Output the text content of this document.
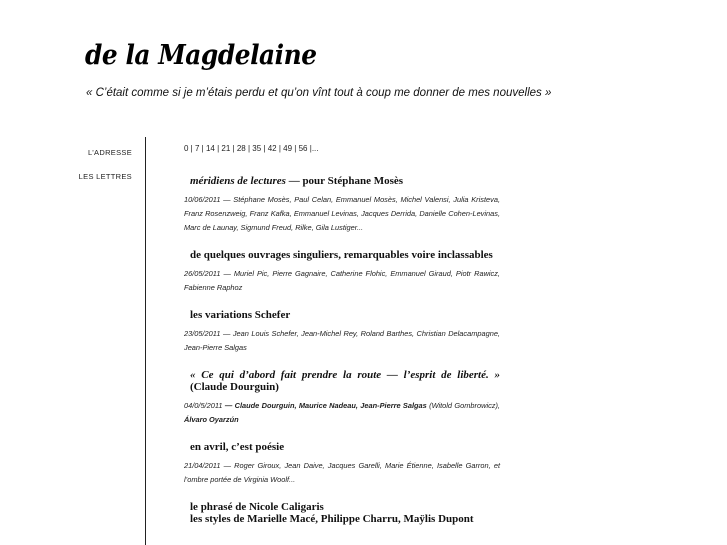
de la Magdelaine
« C’était comme si je m’étais perdu et qu’on vînt tout à coup me donner de mes nouvelles »
L’ADRESSE
LES LETTRES
0 | 7 | 14 | 21 | 28 | 35 | 42 | 49 | 56 |...
méridiens de lectures — pour Stéphane Mosès

10/06/2011 — Stéphane Mosès, Paul Celan, Emmanuel Mosès, Michel Valensi, Julia Kristeva, Franz Rosenzweig, Franz Kafka, Emmanuel Levinas, Jacques Derrida, Danielle Cohen-Levinas, Marc de Launay, Sigmund Freud, Rilke, Gila Lustiger...

de quelques ouvrages singuliers, remarquables voire inclassables

26/05/2011 — Muriel Pic, Pierre Gagnaire, Catherine Flohic, Emmanuel Giraud, Piotr Rawicz, Fabienne Raphoz

les variations Schefer

23/05/2011 — Jean Louis Schefer, Jean-Michel Rey, Roland Barthes, Christian Delacampagne, Jean-Pierre Salgas

« Ce qui d’abord fait prendre la route — l’esprit de liberté. » (Claude Dourguin)

04/0/5/2011 — Claude Dourguin, Maurice Nadeau, Jean-Pierre Salgas (Witold Gombrowicz), Álvaro Oyarzún

en avril, c’est poésie

21/04/2011 — Roger Giroux, Jean Daive, Jacques Garelli, Marie Étienne, Isabelle Garron, et l’ombre portée de Virginia Woolf...

le phrasé de Nicole Caligaris
les styles de Marielle Macé, Philippe Charru, Maÿlis Dupont
